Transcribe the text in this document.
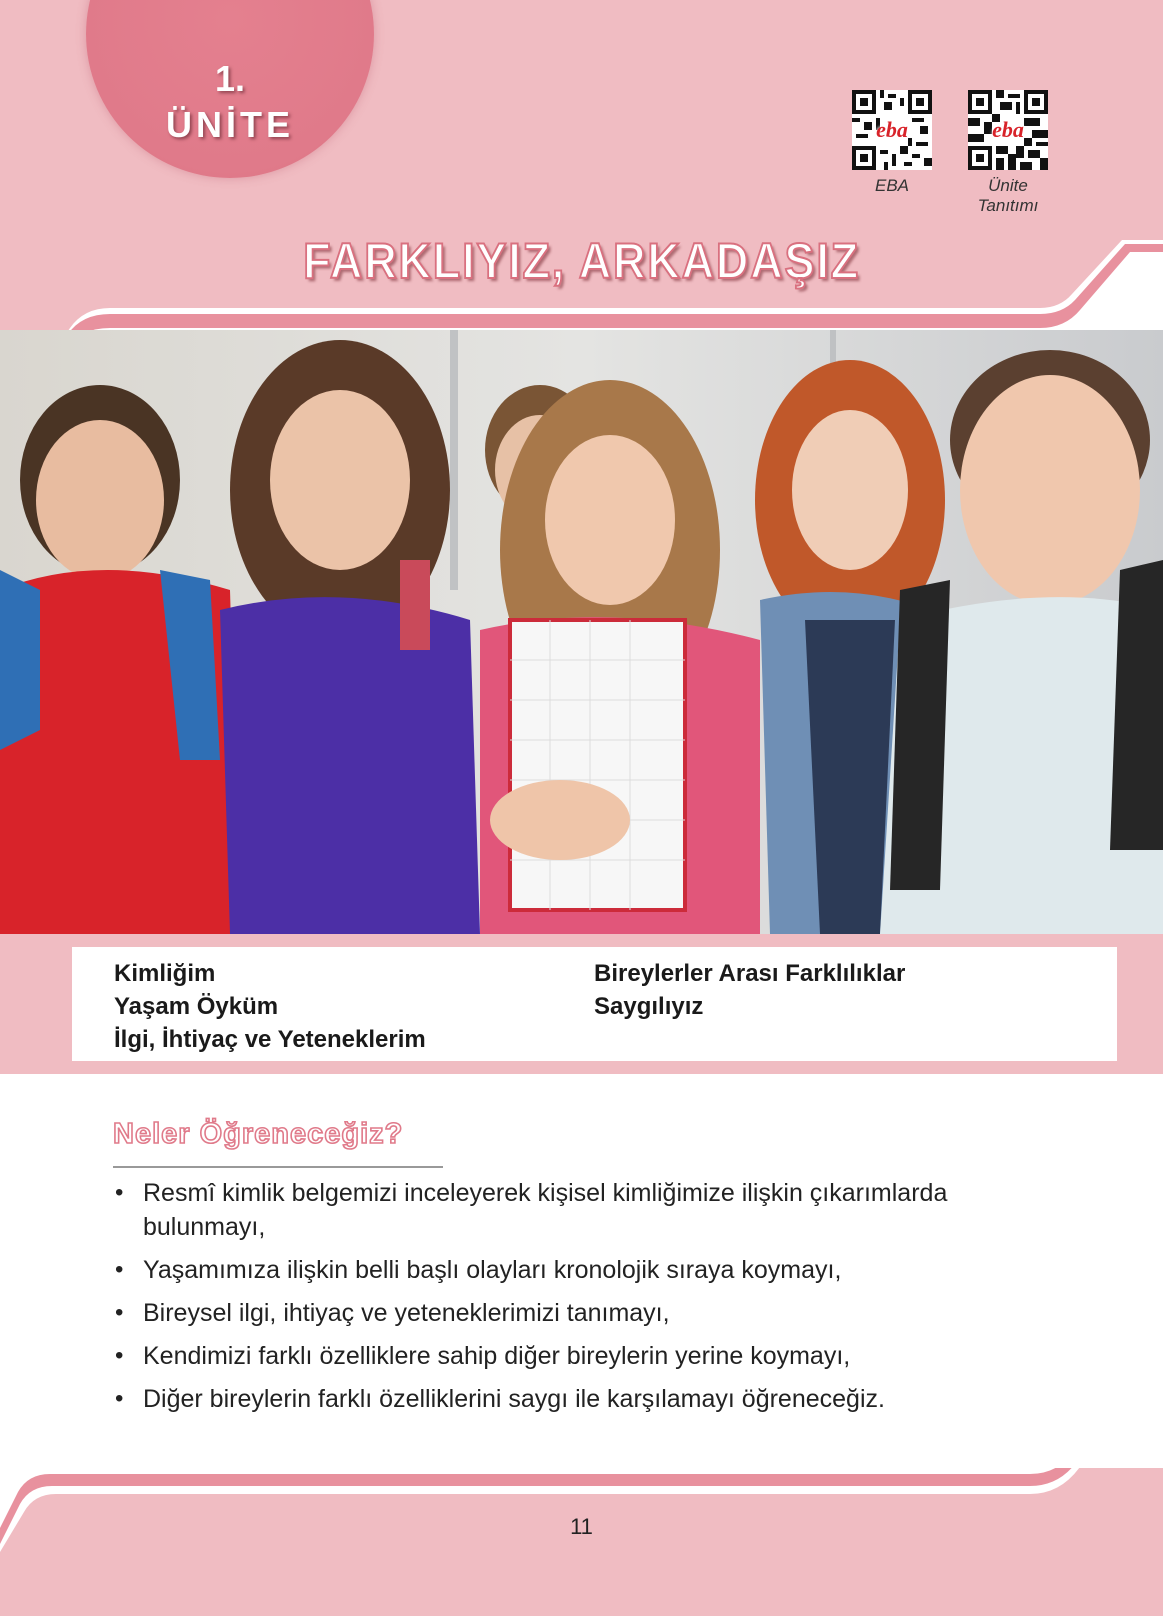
1.
ÜNİTE	eba
EBA
eba
Ünite
Tanıtımı
FARKLIYIZ, ARKADAŞIZ
Kimliğim
Yaşam Öyküm
İlgi, İhtiyaç ve Yeteneklerim
Bireylerler Arası Farklılıklar
Saygılıyız
Neler Öğreneceğiz?
• Resmî kimlik belgemizi inceleyerek kişisel kimliğimize ilişkin çıkarımlarda bulunmayı,
• Yaşamımıza ilişkin belli başlı olayları kronolojik sıraya koymayı,
• Bireysel ilgi, ihtiyaç ve yeteneklerimizi tanımayı,
• Kendimizi farklı özelliklere sahip diğer bireylerin yerine koymayı,
• Diğer bireylerin farklı özelliklerini saygı ile karşılamayı öğreneceğiz.
11
